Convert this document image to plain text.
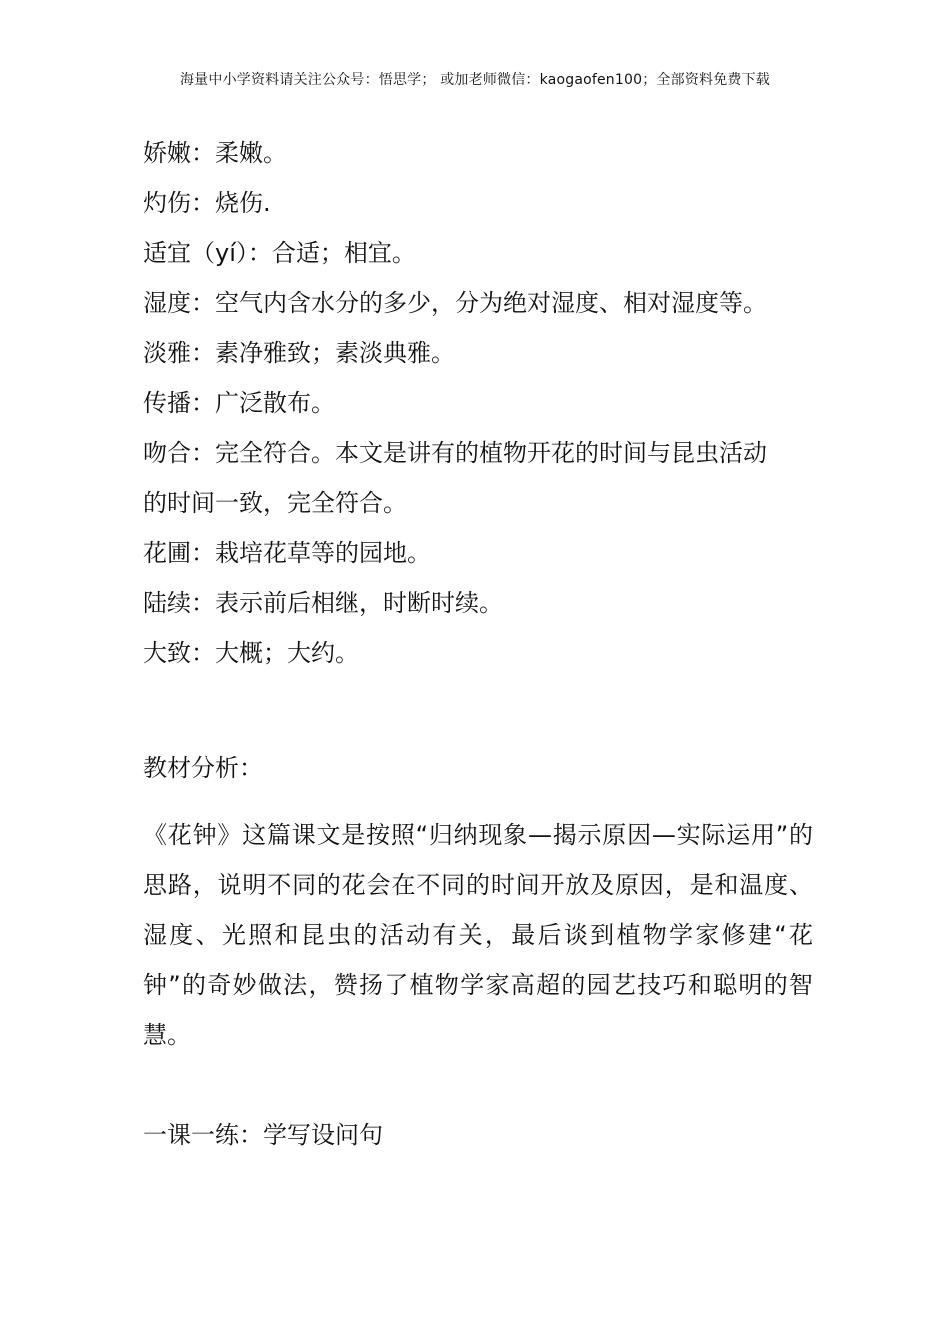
海量中小学资料请关注公众号：悟思学； 或加老师微信：kaogaofen100；全部资料免费下载

娇嫩：柔嫩。

灼伤：烧伤.

适宜（yí）：合适；相宜。

湿度：空气内含水分的多少，分为绝对湿度、相对湿度等。

淡雅：素净雅致；素淡典雅。

传播：广泛散布。

吻合：完全符合。本文是讲有的植物开花的时间与昆虫活动

的时间一致，完全符合。

花圃：栽培花草等的园地。

陆续：表示前后相继，时断时续。

大致：大概；大约。

教材分析：

《花钟》这篇课文是按照“归纳现象—揭示原因—实际运用”的思路，说明不同的花会在不同的时间开放及原因，是和温度、湿度、光照和昆虫的活动有关，最后谈到植物学家修建“花钟”的奇妙做法，赞扬了植物学家高超的园艺技巧和聪明的智慧。

一课一练：学写设问句
